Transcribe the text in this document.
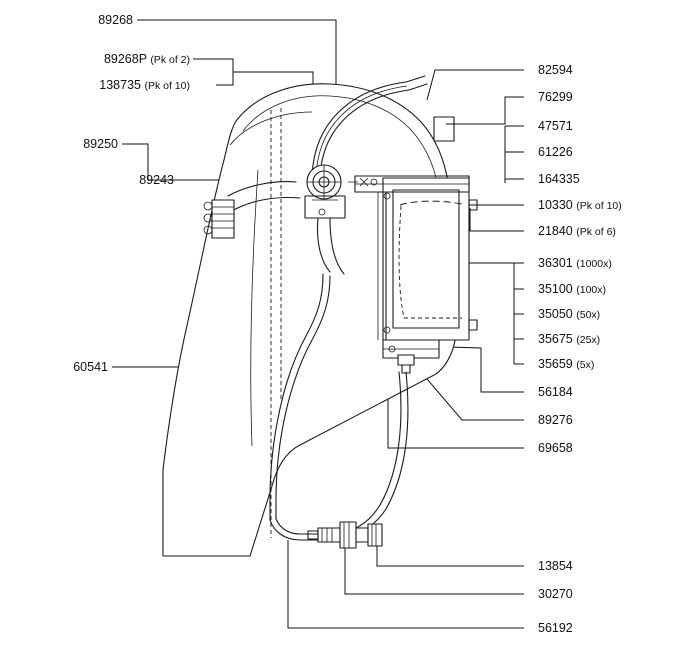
89268
89268P (Pk of 2)
138735 (Pk of 10)
89250
89243
60541
82594
76299
47571
61226
164335
10330 (Pk of 10)
21840 (Pk of 6)
36301 (1000x)
35100 (100x)
35050 (50x)
35675 (25x)
35659 (5x)
56184
89276
69658
13854
30270
56192
